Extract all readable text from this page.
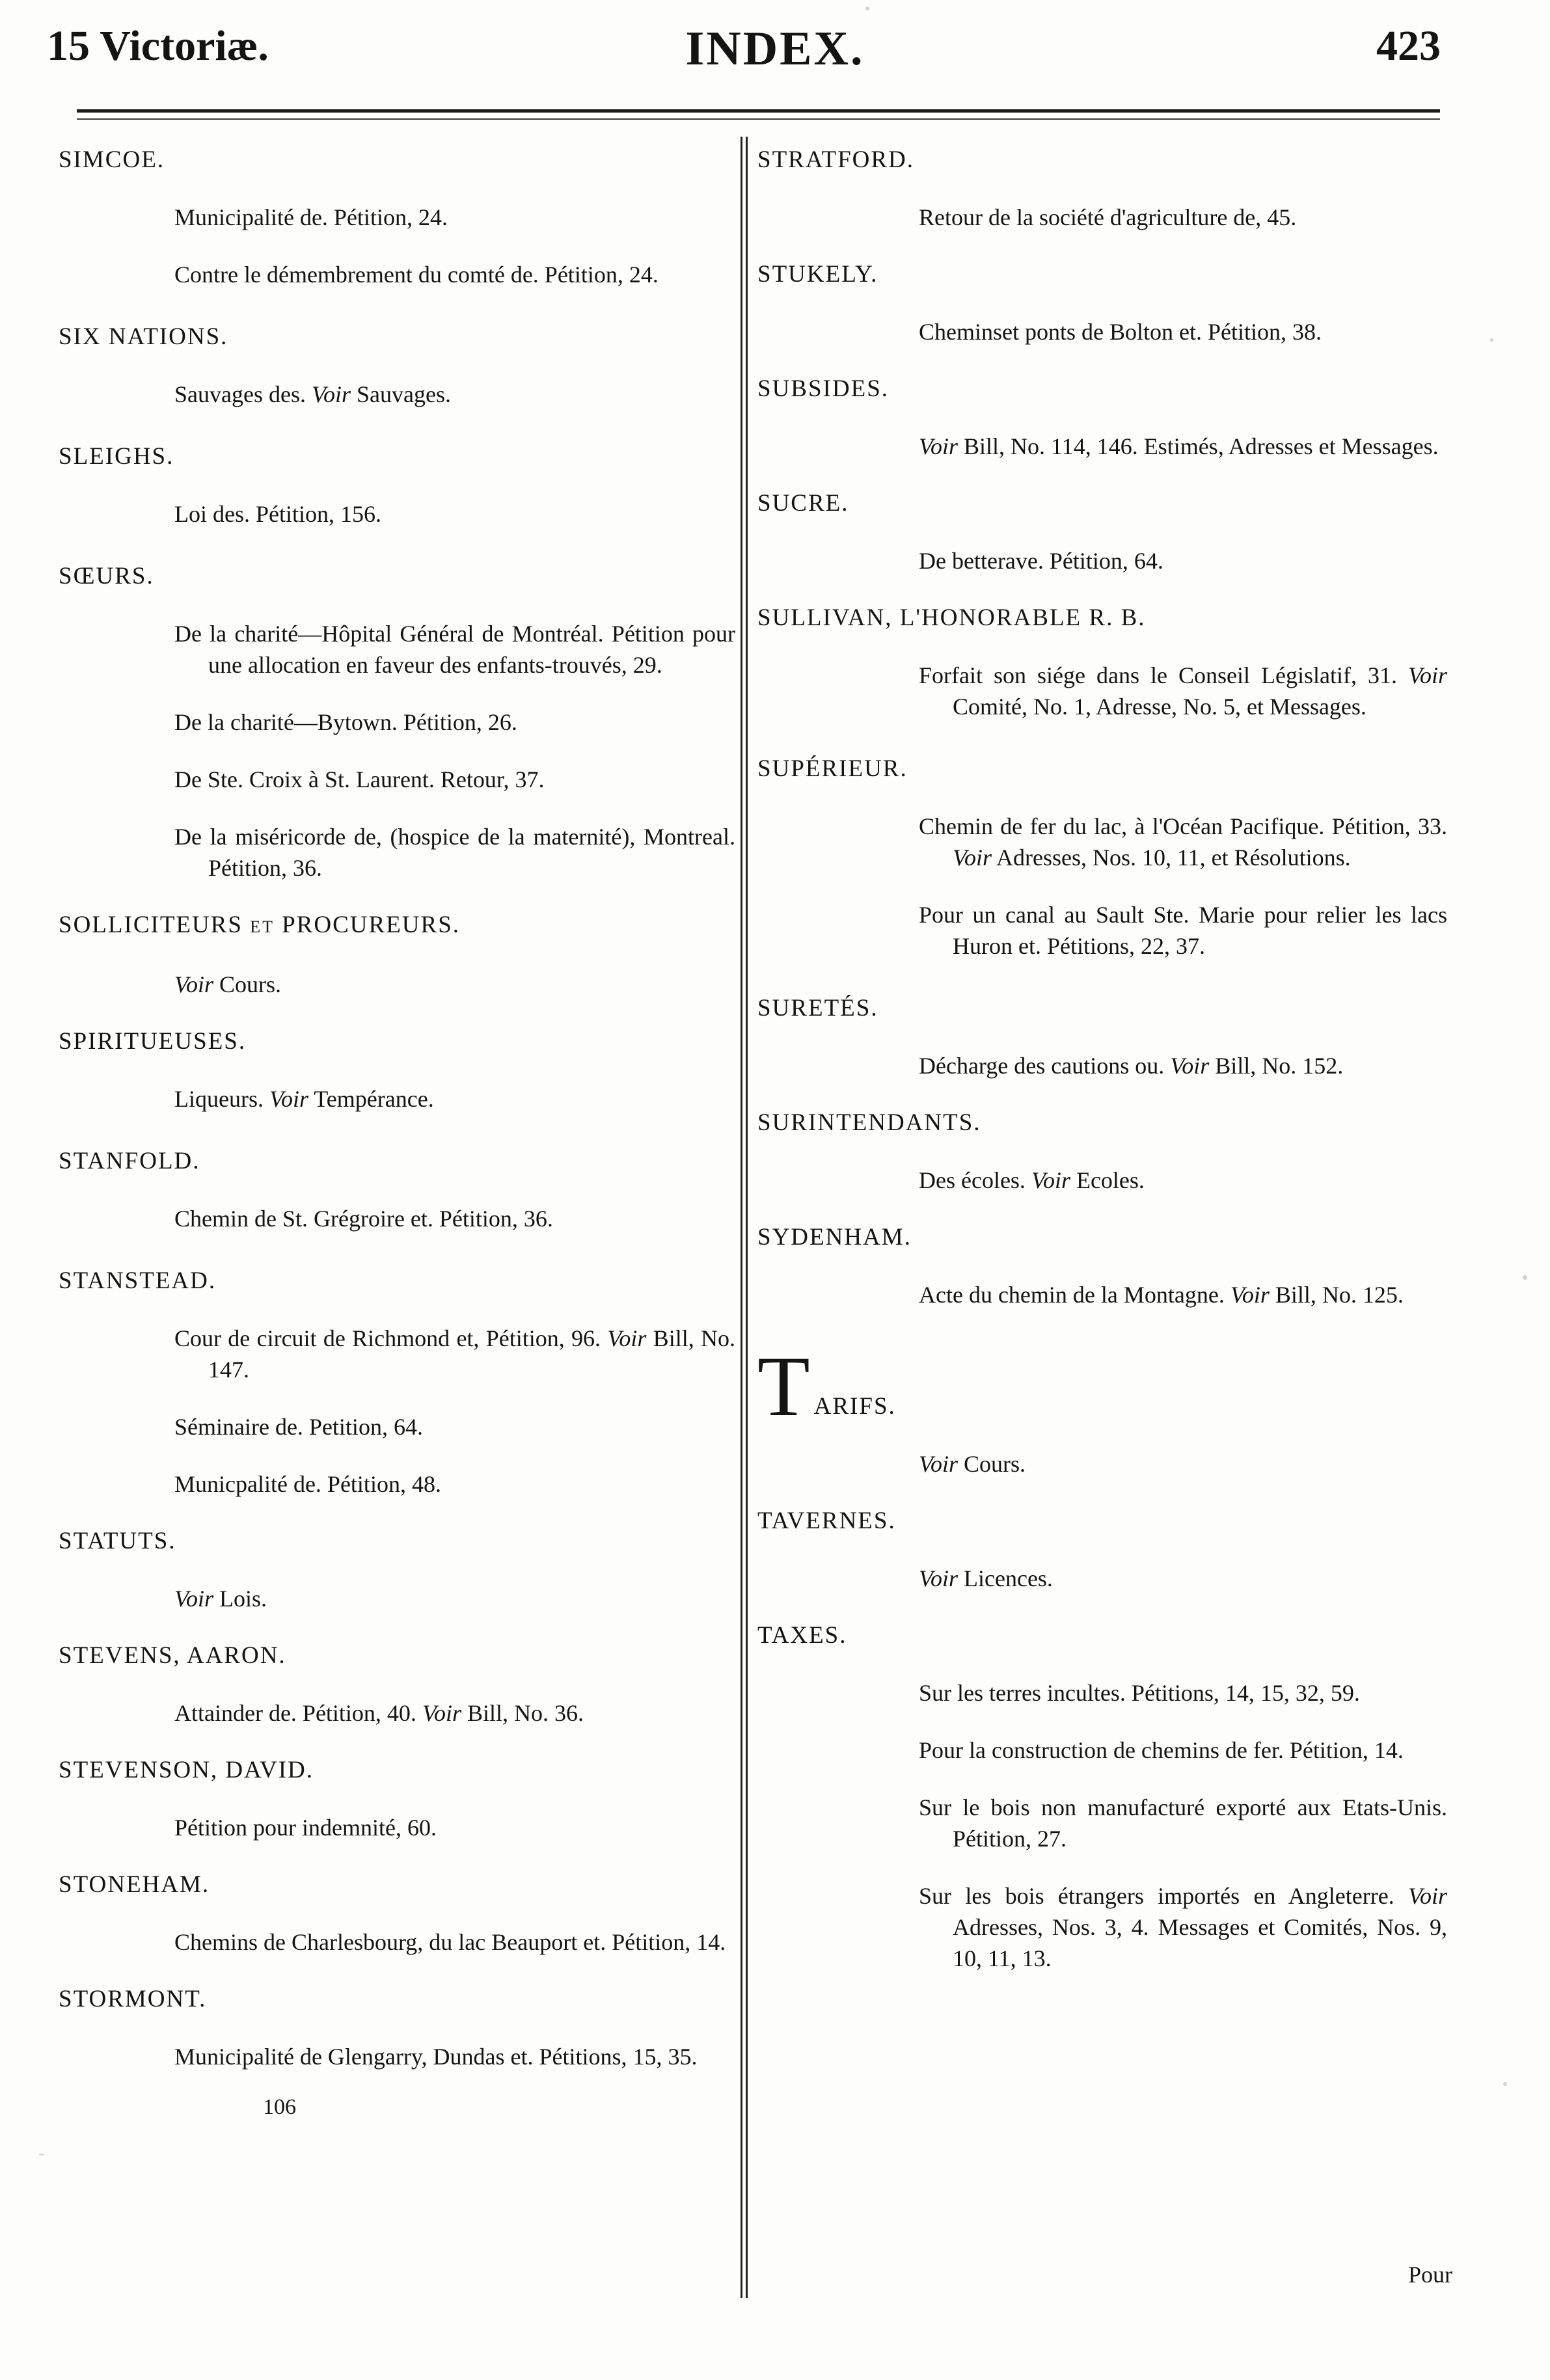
15 Victoriæ.	INDEX.	423

SIMCOE.

Municipalité de. Pétition, 24.

Contre le démembrement du comté de. Pétition, 24.

SIX NATIONS.

Sauvages des. Voir Sauvages.

SLEIGHS.

Loi des. Pétition, 156.

SŒURS.

De la charité—Hôpital Général de Montréal. Pétition pour une allocation en faveur des enfants-trouvés, 29.

De la charité—Bytown. Pétition, 26.

De Ste. Croix à St. Laurent. Retour, 37.

De la miséricorde de, (hospice de la maternité), Montreal. Pétition, 36.

SOLLICITEURS ET PROCUREURS.

Voir Cours.

SPIRITUEUSES.

Liqueurs. Voir Tempérance.

STANFOLD.

Chemin de St. Grégroire et. Pétition, 36.

STANSTEAD.

Cour de circuit de Richmond et, Pétition, 96. Voir Bill, No. 147.

Séminaire de. Petition, 64.

Municpalité de. Pétition, 48.

STATUTS.

Voir Lois.

STEVENS, AARON.

Attainder de. Pétition, 40. Voir Bill, No. 36.

STEVENSON, DAVID.

Pétition pour indemnité, 60.

STONEHAM.

Chemins de Charlesbourg, du lac Beauport et. Pétition, 14.

STORMONT.

Municipalité de Glengarry, Dundas et. Pétitions, 15, 35.

106

STRATFORD.

Retour de la société d'agriculture de, 45.

STUKELY.

Cheminset ponts de Bolton et. Pétition, 38.

SUBSIDES.

Voir Bill, No. 114, 146. Estimés, Adresses et Messages.

SUCRE.

De betterave. Pétition, 64.

SULLIVAN, L'HONORABLE R. B.

Forfait son siége dans le Conseil Législatif, 31. Voir Comité, No. 1, Adresse, No. 5, et Messages.

SUPÉRIEUR.

Chemin de fer du lac, à l'Océan Pacifique. Pétition, 33. Voir Adresses, Nos. 10, 11, et Résolutions.

Pour un canal au Sault Ste. Marie pour relier les lacs Huron et. Pétitions, 22, 37.

SURETÉS.

Décharge des cautions ou. Voir Bill, No. 152.

SURINTENDANTS.

Des écoles. Voir Ecoles.

SYDENHAM.

Acte du chemin de la Montagne. Voir Bill, No. 125.

T ARIFS.

Voir Cours.

TAVERNES.

Voir Licences.

TAXES.

Sur les terres incultes. Pétitions, 14, 15, 32, 59.

Pour la construction de chemins de fer. Pétition, 14.

Sur le bois non manufacturé exporté aux Etats-Unis. Pétition, 27.

Sur les bois étrangers importés en Angleterre. Voir Adresses, Nos. 3, 4. Messages et Comités, Nos. 9, 10, 11, 13.

Pour
